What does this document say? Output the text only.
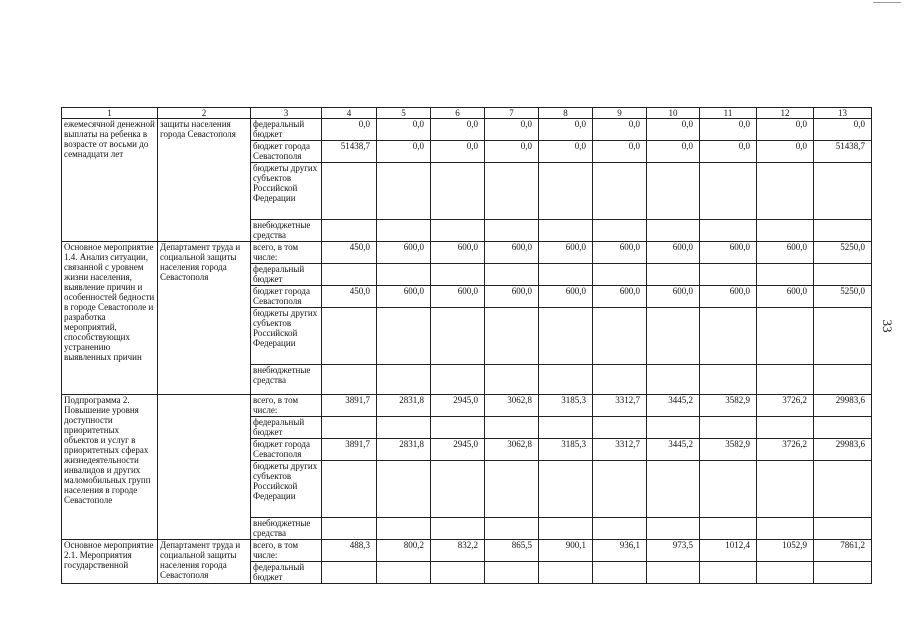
33
1	2	3	4	5	6	7	8	9	10	11	12	13
ежемесячной денежной выплаты на ребенка в возрасте от восьми до семнадцати лет	защиты населения города Севастополя	федеральный бюджет	0,0	0,0	0,0	0,0	0,0	0,0	0,0	0,0	0,0	0,0
		бюджет города Севастополя	51438,7	0,0	0,0	0,0	0,0	0,0	0,0	0,0	0,0	51438,7
		бюджеты других субъектов Российской Федерации										
		внебюджетные средства										
Основное мероприятие 1.4. Анализ ситуации, связанной с уровнем жизни населения, выявление причин и особенностей бедности в городе Севастополе и разработка мероприятий, способствующих устранению выявленных причин	Департамент труда и социальной защиты населения города Севастополя	всего, в том числе:	450,0	600,0	600,0	600,0	600,0	600,0	600,0	600,0	600,0	5250,0
		федеральный бюджет										
		бюджет города Севастополя	450,0	600,0	600,0	600,0	600,0	600,0	600,0	600,0	600,0	5250,0
		бюджеты других субъектов Российской Федерации										
		внебюджетные средства										
Подпрограмма 2. Повышение уровня доступности приоритетных объектов и услуг в приоритетных сферах жизнедеятельности инвалидов и других маломобильных групп населения в городе Севастополе		всего, в том числе:	3891,7	2831,8	2945,0	3062,8	3185,3	3312,7	3445,2	3582,9	3726,2	29983,6
		федеральный бюджет										
		бюджет города Севастополя	3891,7	2831,8	2945,0	3062,8	3185,3	3312,7	3445,2	3582,9	3726,2	29983,6
		бюджеты других субъектов Российской Федерации										
		внебюджетные средства										
Основное мероприятие 2.1. Мероприятия государственной	Департамент труда и социальной защиты населения города Севастополя	всего, в том числе:	488,3	800,2	832,2	865,5	900,1	936,1	973,5	1012,4	1052,9	7861,2
		федеральный бюджет										
